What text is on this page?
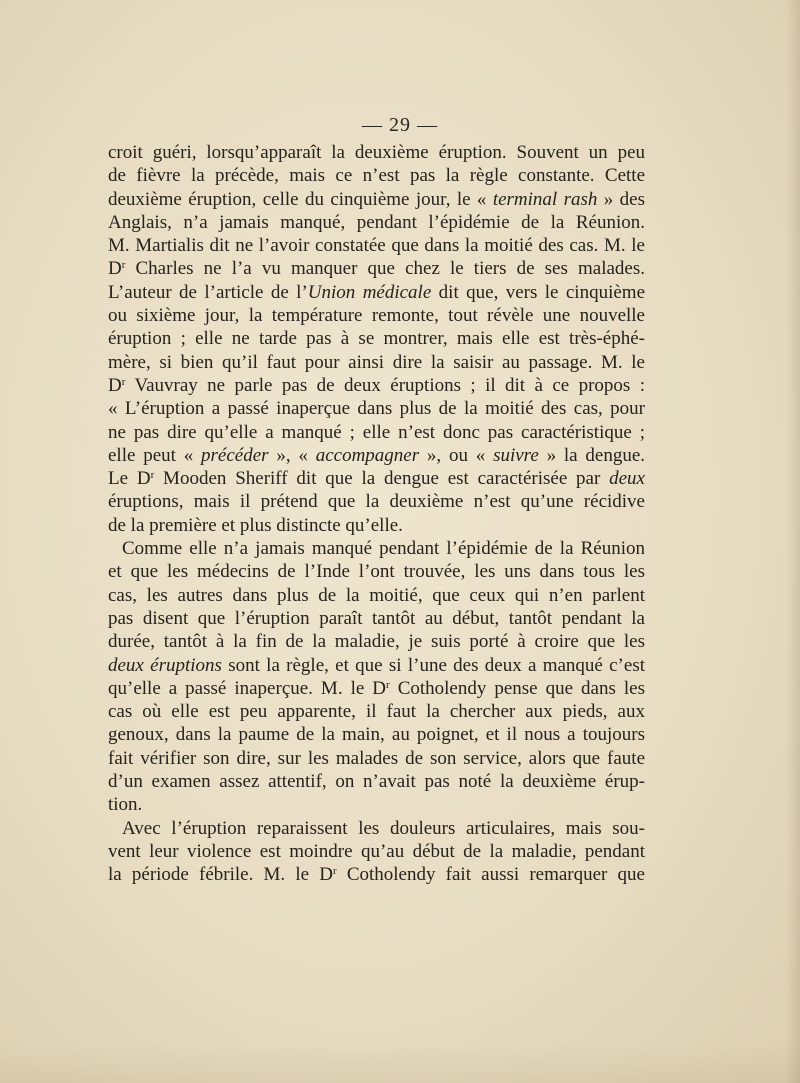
— 29 —
croit guéri, lorsqu’apparaît la deuxième éruption. Souvent un peu
de fièvre la précède, mais ce n’est pas la règle constante. Cette
deuxième éruption, celle du cinquième jour, le « terminal rash » des
Anglais, n’a jamais manqué, pendant l’épidémie de la Réunion.
M. Martialis dit ne l’avoir constatée que dans la moitié des cas. M. le
$D^r$ Charles ne l’a vu manquer que chez le tiers de ses malades.
L’auteur de l’article de l’Union médicale dit que, vers le cinquième
ou sixième jour, la température remonte, tout révèle une nouvelle
éruption ; elle ne tarde pas à se montrer, mais elle est très-éphé-
mère, si bien qu’il faut pour ainsi dire la saisir au passage. M. le
$D^r$ Vauvray ne parle pas de deux éruptions ; il dit à ce propos :
« L’éruption a passé inaperçue dans plus de la moitié des cas, pour
ne pas dire qu’elle a manqué ; elle n’est donc pas caractéristique ;
elle peut « précéder », « accompagner », ou « suivre » la dengue.
Le $D^r$ Mooden Sheriff dit que la dengue est caractérisée par deux
éruptions, mais il prétend que la deuxième n’est qu’une récidive
de la première et plus distincte qu’elle.
Comme elle n’a jamais manqué pendant l’épidémie de la Réunion
et que les médecins de l’Inde l’ont trouvée, les uns dans tous les
cas, les autres dans plus de la moitié, que ceux qui n’en parlent
pas disent que l’éruption paraît tantôt au début, tantôt pendant la
durée, tantôt à la fin de la maladie, je suis porté à croire que les
deux éruptions sont la règle, et que si l’une des deux a manqué c’est
qu’elle a passé inaperçue. M. le $D^r$ Cotholendy pense que dans les
cas où elle est peu apparente, il faut la chercher aux pieds, aux
genoux, dans la paume de la main, au poignet, et il nous a toujours
fait vérifier son dire, sur les malades de son service, alors que faute
d’un examen assez attentif, on n’avait pas noté la deuxième érup-
tion.
Avec l’éruption reparaissent les douleurs articulaires, mais sou-
vent leur violence est moindre qu’au début de la maladie, pendant
la période fébrile. M. le $D^r$ Cotholendy fait aussi remarquer que
